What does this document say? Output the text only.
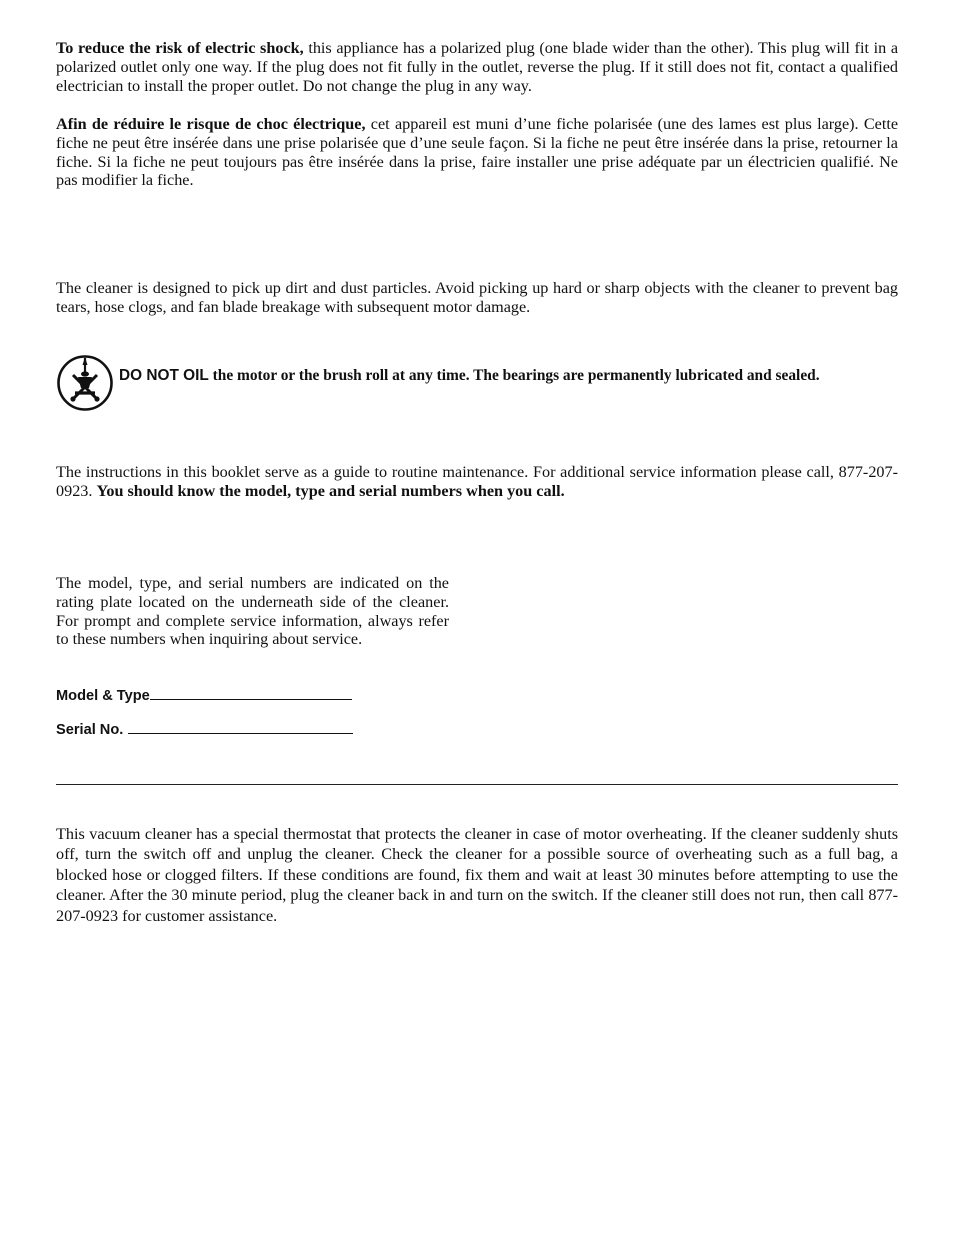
To reduce the risk of electric shock, this appliance has a polarized plug (one blade wider than the other). This plug will fit in a polarized outlet only one way. If the plug does not fit fully in the outlet, reverse the plug. If it still does not fit, contact a qualified electrician to install the proper outlet. Do not change the plug in any way.

Afin de réduire le risque de choc électrique, cet appareil est muni d’une fiche polarisée (une des lames est plus large). Cette fiche ne peut être insérée dans une prise polarisée que d’une seule façon. Si la fiche ne peut être insérée dans la prise, retourner la fiche. Si la fiche ne peut toujours pas être insérée dans la prise, faire installer une prise adéquate par un électricien qualifié. Ne pas modifier la fiche.

The cleaner is designed to pick up dirt and dust particles. Avoid picking up hard or sharp objects with the cleaner to prevent bag tears, hose clogs, and fan blade breakage with subsequent motor damage.

DO NOT OIL the motor or the brush roll at any time. The bearings are permanently lubricated and sealed.

The instructions in this booklet serve as a guide to routine maintenance. For additional service information please call, 877-207-0923. You should know the model, type and serial numbers when you call.

The model, type, and serial numbers are indicated on the rating plate located on the underneath side of the cleaner. For prompt and complete service information, always refer to these numbers when inquiring about service.

Model & Type
Serial No.

This vacuum cleaner has a special thermostat that protects the cleaner in case of motor overheating. If the cleaner suddenly shuts off, turn the switch off and unplug the cleaner. Check the cleaner for a possible source of overheating such as a full bag, a blocked hose or clogged filters. If these conditions are found, fix them and wait at least 30 minutes before attempting to use the cleaner. After the 30 minute period, plug the cleaner back in and turn on the switch. If the cleaner still does not run, then call 877-207-0923 for customer assistance.
